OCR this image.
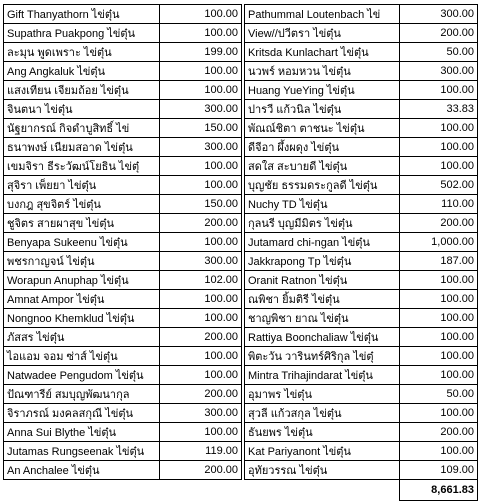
Gift Thanyathorn ไข่ตุ๋น	100.00		Pathummal Loutenbach ไข่	300.00
Supathra Puakpong ไข่ตุ๋น	100.00		View//ปวีตรา ไข่ตุ๋น	200.00
ละมุน พูดเพราะ ไข่ตุ๋น	199.00		Kritsda Kunlachart ไข่ตุ๋น	50.00
Ang Angkaluk ไข่ตุ๋น	100.00		นวพร์ หอมหวน ไข่ตุ๋น	300.00
แสงเทียน เจียมถ้อย ไข่ตุ๋น	100.00		Huang YueYing ไข่ตุ๋น	100.00
จินตนา ไข่ตุ๋น	300.00		ปารวี แก้วนิล ไข่ตุ๋น	33.83
นัฐยากรณ์ กิจดำบูสิทธิ์ ไข่	150.00		พัณณ์ชิตา ตาชนะ ไข่ตุ๋น	100.00
ธนาพงษ์ เนียมสอาด ไข่ตุ๋น	300.00		ดีจีอา ผึ้งผดุง ไข่ตุ๋น	100.00
เขมจิรา ธีระวัฒน์โยธิน ไข่ตุ๋	100.00		สดใส สะบายดี ไข่ตุ๋น	100.00
สุจิรา เพ็ยยา ไข่ตุ๋น	100.00		บุญชัย ธรรมดระกูลดี ไข่ตุ๋น	502.00
บงกฎ สุขจิตร์ ไข่ตุ๋น	150.00		Nuchy TD ไข่ตุ๋น	110.00
ชูจิตร สายผาสุข ไข่ตุ๋น	200.00		กุลนรี บุญมีมิตร ไข่ตุ๋น	200.00
Benyapa Sukeenu ไข่ตุ๋น	100.00		Jutamard chi-ngan ไข่ตุ๋น	1,000.00
พชรกาญจน์ ไข่ตุ๋น	300.00		Jakkrapong Tp ไข่ตุ๋น	187.00
Worapun Anuphap ไข่ตุ๋น	102.00		Oranit Ratnon ไข่ตุ๋น	100.00
Amnat Ampor ไข่ตุ๋น	100.00		ณพิชา ยิ้มติรี ไข่ตุ๋น	100.00
Nongnoo Khemklud ไข่ตุ๋น	100.00		ชาญพิชา ยาณ ไข่ตุ๋น	100.00
ภัสสร ไข่ตุ๋น	200.00		Rattiya Boonchaliaw ไข่ตุ๋น	100.00
ไอแอม จอม ซ่าส์ ไข่ตุ๋น	100.00		พิตะวัน วารินทร์ศิริกุล ไข่ตุ๋	100.00
Natwadee Pengudom ไข่ตุ๋น	100.00		Mintra Trihajindarat ไข่ตุ๋น	100.00
ปัณฑารีย์ สมบุญพัฒนากุล	200.00		อุมาพร ไข่ตุ๋น	50.00
จิราภรณ์ มงคลสกุณี ไข่ตุ๋น	300.00		สุวลี แก้วสกุล ไข่ตุ๋น	100.00
Anna Sui Blythe ไข่ตุ๋น	100.00		ธันยพร ไข่ตุ๋น	200.00
Jutamas Rungseenak ไข่ตุ๋น	119.00		Kat Pariyanont ไข่ตุ๋น	100.00
An Anchalee ไข่ตุ๋น	200.00		อุทัยวรรณ ไข่ตุ๋น	109.00
				8,661.83
